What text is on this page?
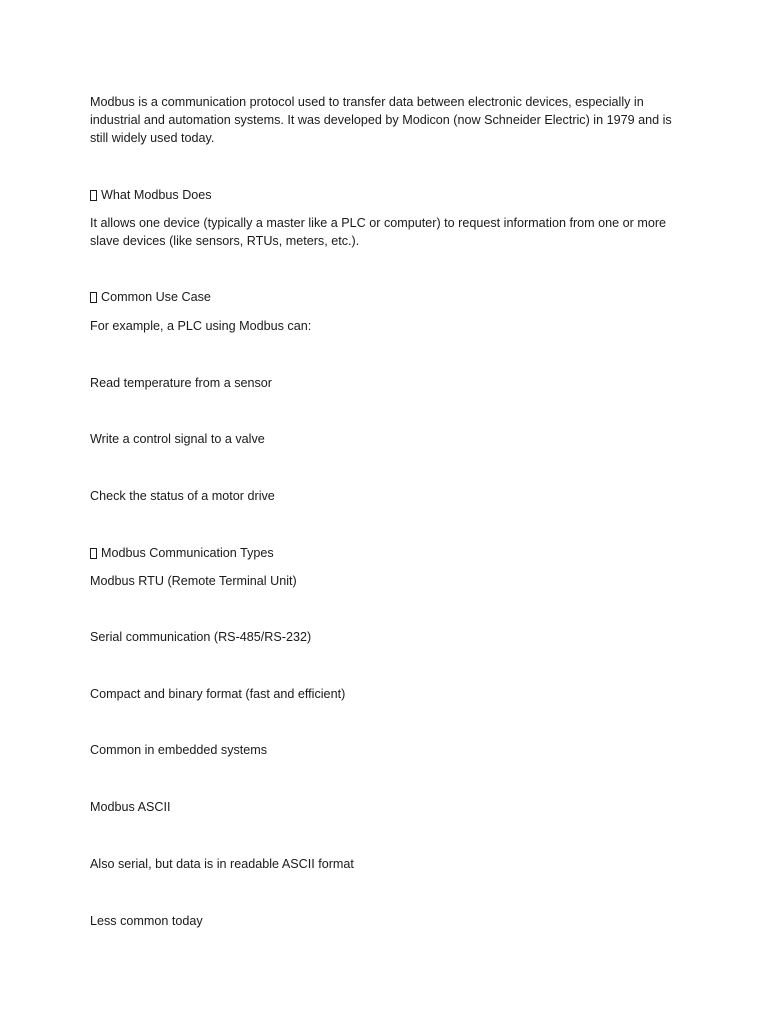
Modbus is a communication protocol used to transfer data between electronic devices, especially in industrial and automation systems. It was developed by Modicon (now Schneider Electric) in 1979 and is still widely used today.
What Modbus Does
It allows one device (typically a master like a PLC or computer) to request information from one or more slave devices (like sensors, RTUs, meters, etc.).
Common Use Case
For example, a PLC using Modbus can:
Read temperature from a sensor
Write a control signal to a valve
Check the status of a motor drive
Modbus Communication Types
Modbus RTU (Remote Terminal Unit)
Serial communication (RS-485/RS-232)
Compact and binary format (fast and efficient)
Common in embedded systems
Modbus ASCII
Also serial, but data is in readable ASCII format
Less common today
